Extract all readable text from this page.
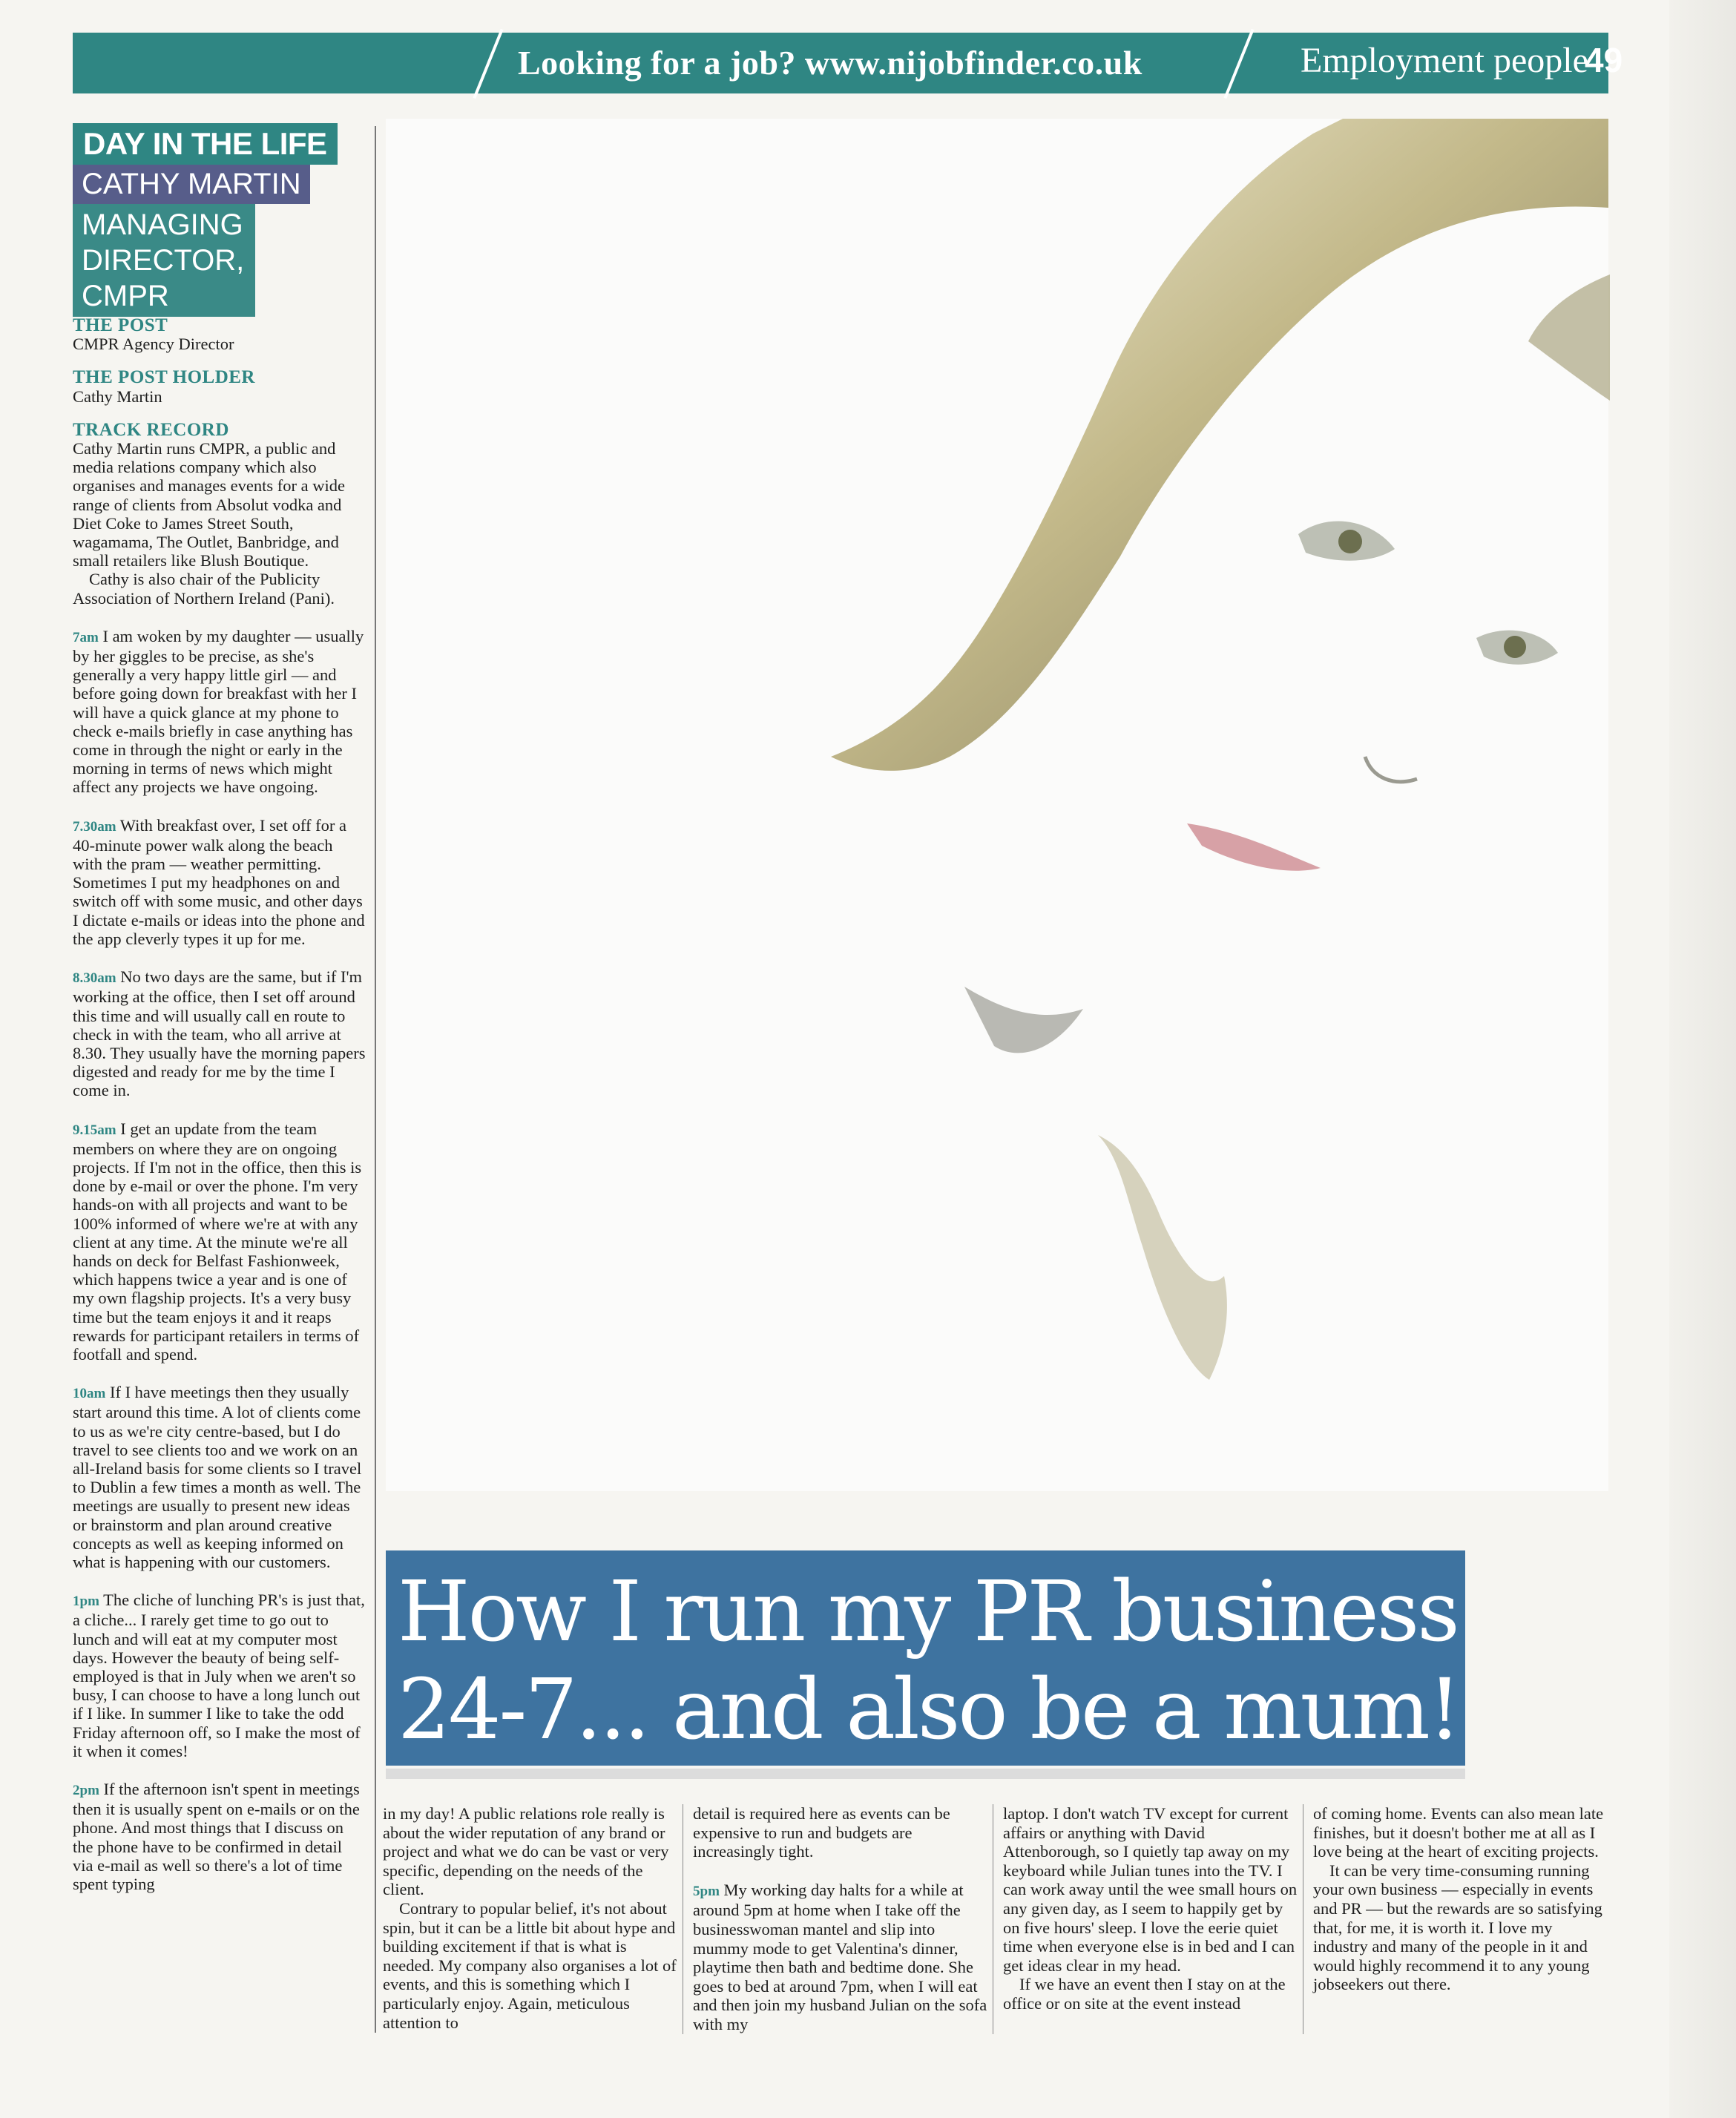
Looking for a job? www.nijobfinder.co.uk	Employment people
49
DAY IN THE LIFE
CATHY MARTIN
MANAGING
DIRECTOR, CMPR

THE POST

CMPR Agency Director

THE POST HOLDER

Cathy Martin

TRACK RECORD

Cathy Martin runs CMPR, a public and media relations company which also organises and manages events for a wide range of clients from Absolut vodka and Diet Coke to James Street South, wagamama, The Outlet, Banbridge, and small retailers like Blush Boutique.

Cathy is also chair of the Publicity Association of Northern Ireland (Pani).

7am I am woken by my daughter — usually by her giggles to be precise, as she's generally a very happy little girl — and before going down for breakfast with her I will have a quick glance at my phone to check e-mails briefly in case anything has come in through the night or early in the morning in terms of news which might affect any projects we have ongoing.

7.30am With breakfast over, I set off for a 40-minute power walk along the beach with the pram — weather permitting. Sometimes I put my headphones on and switch off with some music, and other days I dictate e-mails or ideas into the phone and the app cleverly types it up for me.

8.30am No two days are the same, but if I'm working at the office, then I set off around this time and will usually call en route to check in with the team, who all arrive at 8.30. They usually have the morning papers digested and ready for me by the time I come in.

9.15am I get an update from the team members on where they are on ongoing projects. If I'm not in the office, then this is done by e-mail or over the phone. I'm very hands-on with all projects and want to be 100% informed of where we're at with any client at any time. At the minute we're all hands on deck for Belfast Fashionweek, which happens twice a year and is one of my own flagship projects. It's a very busy time but the team enjoys it and it reaps rewards for participant retailers in terms of footfall and spend.

10am If I have meetings then they usually start around this time. A lot of clients come to us as we're city centre-based, but I do travel to see clients too and we work on an all-Ireland basis for some clients so I travel to Dublin a few times a month as well. The meetings are usually to present new ideas or brainstorm and plan around creative concepts as well as keeping informed on what is happening with our customers.

1pm The cliche of lunching PR's is just that, a cliche... I rarely get time to go out to lunch and will eat at my computer most days. However the beauty of being self-employed is that in July when we aren't so busy, I can choose to have a long lunch out if I like. In summer I like to take the odd Friday afternoon off, so I make the most of it when it comes!

2pm If the afternoon isn't spent in meetings then it is usually spent on e-mails or on the phone. And most things that I discuss on the phone have to be confirmed in detail via e-mail as well so there's a lot of time spent typing

How I run my PR business
24-7... and also be a mum!

in my day! A public relations role really is about the wider reputation of any brand or project and what we do can be vast or very specific, depending on the needs of the client.

Contrary to popular belief, it's not about spin, but it can be a little bit about hype and building excitement if that is what is needed. My company also organises a lot of events, and this is something which I particularly enjoy. Again, meticulous attention to

detail is required here as events can be expensive to run and budgets are increasingly tight.

5pm My working day halts for a while at around 5pm at home when I take off the businesswoman mantel and slip into mummy mode to get Valentina's dinner, playtime then bath and bedtime done. She goes to bed at around 7pm, when I will eat and then join my husband Julian on the sofa with my

laptop. I don't watch TV except for current affairs or anything with David Attenborough, so I quietly tap away on my keyboard while Julian tunes into the TV. I can work away until the wee small hours on any given day, as I seem to happily get by on five hours' sleep. I love the eerie quiet time when everyone else is in bed and I can get ideas clear in my head.

If we have an event then I stay on at the office or on site at the event instead

of coming home. Events can also mean late finishes, but it doesn't bother me at all as I love being at the heart of exciting projects.

It can be very time-consuming running your own business — especially in events and PR — but the rewards are so satisfying that, for me, it is worth it. I love my industry and many of the people in it and would highly recommend it to any young jobseekers out there.
